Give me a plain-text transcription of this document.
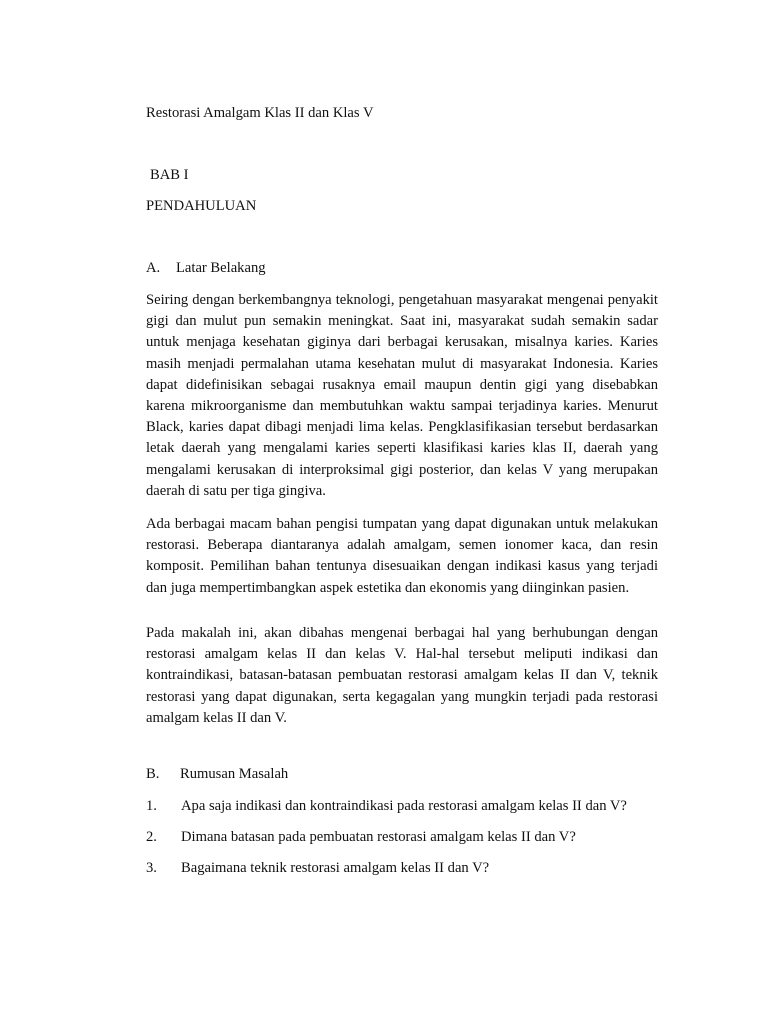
Restorasi Amalgam Klas II dan Klas V
BAB I
PENDAHULUAN
A. Latar Belakang

Seiring dengan berkembangnya teknologi, pengetahuan masyarakat mengenai penyakit gigi dan mulut pun semakin meningkat. Saat ini, masyarakat sudah semakin sadar untuk menjaga kesehatan giginya dari berbagai kerusakan, misalnya karies. Karies masih menjadi permalahan utama kesehatan mulut di masyarakat Indonesia. Karies dapat didefinisikan sebagai rusaknya email maupun dentin gigi yang disebabkan karena mikroorganisme dan membutuhkan waktu sampai terjadinya karies. Menurut Black, karies dapat dibagi menjadi lima kelas. Pengklasifikasian tersebut berdasarkan letak daerah yang mengalami karies seperti klasifikasi karies klas II, daerah yang mengalami kerusakan di interproksimal gigi posterior, dan kelas V yang merupakan daerah di satu per tiga gingiva.

Ada berbagai macam bahan pengisi tumpatan yang dapat digunakan untuk melakukan restorasi. Beberapa diantaranya adalah amalgam, semen ionomer kaca, dan resin komposit. Pemilihan bahan tentunya disesuaikan dengan indikasi kasus yang terjadi dan juga mempertimbangkan aspek estetika dan ekonomis yang diinginkan pasien.

Pada makalah ini, akan dibahas mengenai berbagai hal yang berhubungan dengan restorasi amalgam kelas II dan kelas V. Hal-hal tersebut meliputi indikasi dan kontraindikasi, batasan-batasan pembuatan restorasi amalgam kelas II dan V, teknik restorasi yang dapat digunakan, serta kegagalan yang mungkin terjadi pada restorasi amalgam kelas II dan V.

B. Rumusan Masalah
1. Apa saja indikasi dan kontraindikasi pada restorasi amalgam kelas II dan V?
2. Dimana batasan pada pembuatan restorasi amalgam kelas II dan V?
3. Bagaimana teknik restorasi amalgam kelas II dan V?
